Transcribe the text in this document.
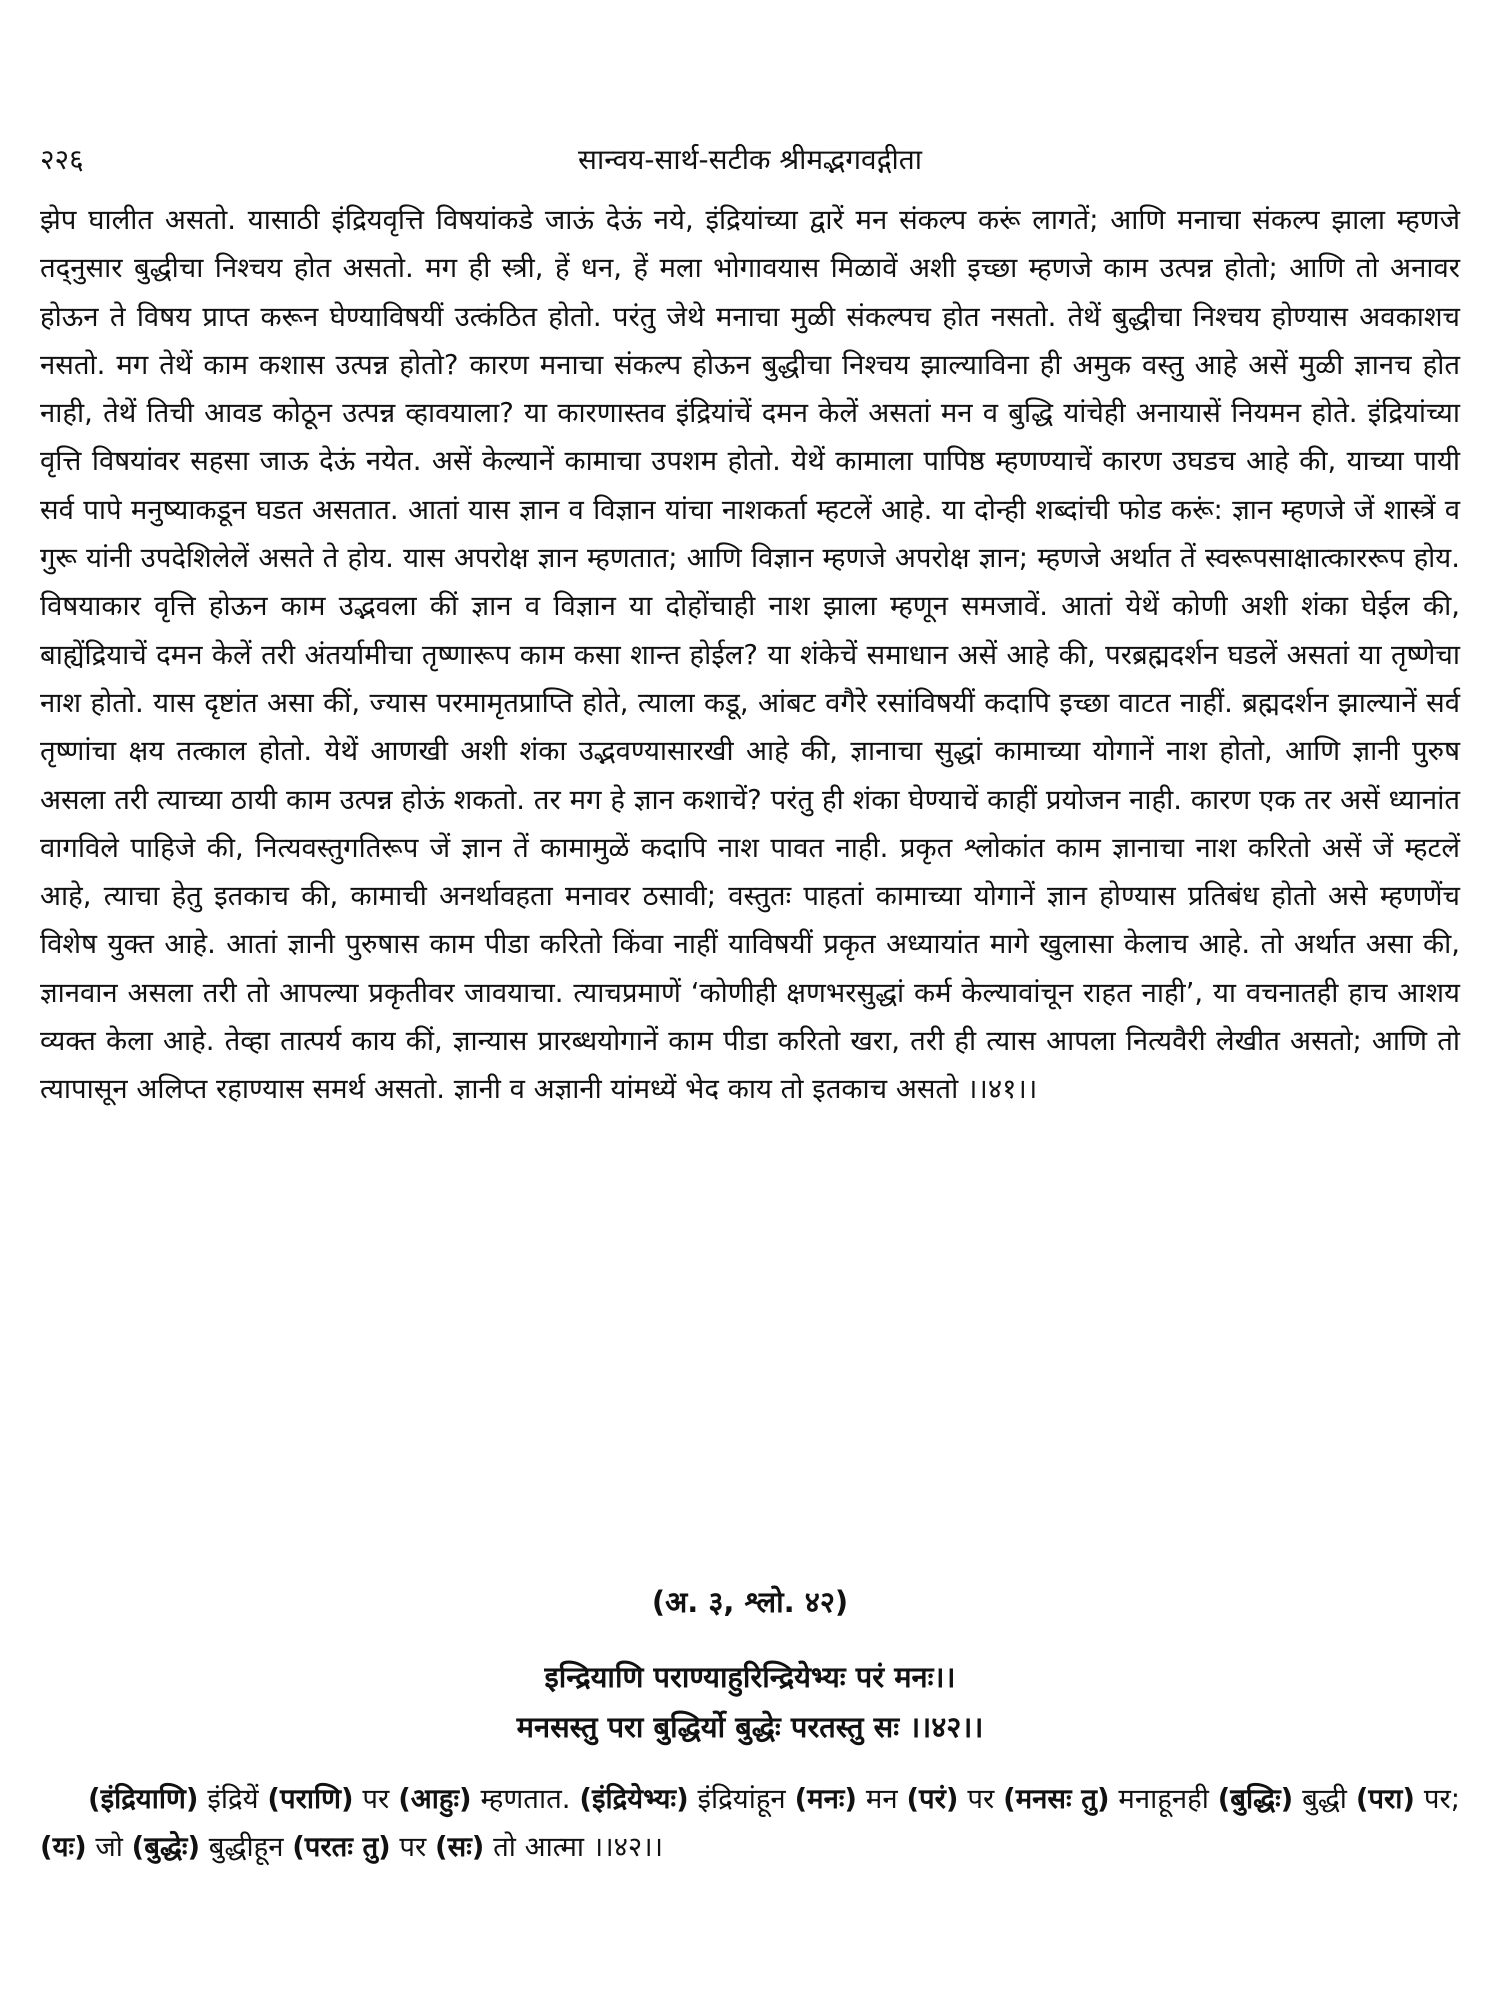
२२६	सान्वय-सार्थ-सटीक श्रीमद्भगवद्गीता

झेप घालीत असतो. यासाठी इंद्रियवृत्ति विषयांकडे जाऊं देऊं नये, इंद्रियांच्या द्वारें मन संकल्प करूं लागतें; आणि मनाचा संकल्प झाला म्हणजे तद्नुसार बुद्धीचा निश्चय होत असतो. मग ही स्त्री, हें धन, हें मला भोगावयास मिळावें अशी इच्छा म्हणजे काम उत्पन्न होतो; आणि तो अनावर होऊन ते विषय प्राप्त करून घेण्याविषयीं उत्कंठित होतो. परंतु जेथे मनाचा मुळी संकल्पच होत नसतो. तेथें बुद्धीचा निश्चय होण्यास अवकाशच नसतो. मग तेथें काम कशास उत्पन्न होतो? कारण मनाचा संकल्प होऊन बुद्धीचा निश्चय झाल्याविना ही अमुक वस्तु आहे असें मुळी ज्ञानच होत नाही, तेथें तिची आवड कोठून उत्पन्न व्हावयाला? या कारणास्तव इंद्रियांचें दमन केलें असतां मन व बुद्धि यांचेही अनायासें नियमन होते. इंद्रियांच्या वृत्ति विषयांवर सहसा जाऊ देऊं नयेत. असें केल्यानें कामाचा उपशम होतो. येथें कामाला पापिष्ठ म्हणण्याचें कारण उघडच आहे की, याच्या पायी सर्व पापे मनुष्याकडून घडत असतात. आतां यास ज्ञान व विज्ञान यांचा नाशकर्ता म्हटलें आहे. या दोन्ही शब्दांची फोड करूं: ज्ञान म्हणजे जें शास्त्रें व गुरू यांनी उपदेशिलेलें असते ते होय. यास अपरोक्ष ज्ञान म्हणतात; आणि विज्ञान म्हणजे अपरोक्ष ज्ञान; म्हणजे अर्थात तें स्वरूपसाक्षात्काररूप होय. विषयाकार वृत्ति होऊन काम उद्भवला कीं ज्ञान व विज्ञान या दोहोंचाही नाश झाला म्हणून समजावें. आतां येथें कोणी अशी शंका घेईल की, बाह्येंद्रियाचें दमन केलें तरी अंतर्यामीचा तृष्णारूप काम कसा शान्त होईल? या शंकेचें समाधान असें आहे की, परब्रह्मदर्शन घडलें असतां या तृष्णेचा नाश होतो. यास दृष्टांत असा कीं, ज्यास परमामृतप्राप्ति होते, त्याला कडू, आंबट वगैरे रसांविषयीं कदापि इच्छा वाटत नाहीं. ब्रह्मदर्शन झाल्यानें सर्व तृष्णांचा क्षय तत्काल होतो. येथें आणखी अशी शंका उद्भवण्यासारखी आहे की, ज्ञानाचा सुद्धां कामाच्या योगानें नाश होतो, आणि ज्ञानी पुरुष असला तरी त्याच्या ठायी काम उत्पन्न होऊं शकतो. तर मग हे ज्ञान कशाचें? परंतु ही शंका घेण्याचें काहीं प्रयोजन नाही. कारण एक तर असें ध्यानांत वागविले पाहिजे की, नित्यवस्तुगतिरूप जें ज्ञान तें कामामुळें कदापि नाश पावत नाही. प्रकृत श्लोकांत काम ज्ञानाचा नाश करितो असें जें म्हटलें आहे, त्याचा हेतु इतकाच की, कामाची अनर्थावहता मनावर ठसावी; वस्तुतः पाहतां कामाच्या योगानें ज्ञान होण्यास प्रतिबंध होतो असे म्हणणेंच विशेष युक्त आहे. आतां ज्ञानी पुरुषास काम पीडा करितो किंवा नाहीं याविषयीं प्रकृत अध्यायांत मागे खुलासा केलाच आहे. तो अर्थात असा की, ज्ञानवान असला तरी तो आपल्या प्रकृतीवर जावयाचा. त्याचप्रमाणें ‘कोणीही क्षणभरसुद्धां कर्म केल्यावांचून राहत नाही’, या वचनातही हाच आशय व्यक्त केला आहे. तेव्हा तात्पर्य काय कीं, ज्ञान्यास प्रारब्धयोगानें काम पीडा करितो खरा, तरी ही त्यास आपला नित्यवैरी लेखीत असतो; आणि तो त्यापासून अलिप्त रहाण्यास समर्थ असतो. ज्ञानी व अज्ञानी यांमध्यें भेद काय तो इतकाच असतो ।।४१।।

(अ. ३, श्लो. ४२)
इन्द्रियाणि पराण्याहुरिन्द्रियेभ्यः परं मनः।।
मनसस्तु परा बुद्धिर्यो बुद्धेः परतस्तु सः ।।४२।।

(इंद्रियाणि) इंद्रियें (पराणि) पर (आहुः) म्हणतात. (इंद्रियेभ्यः) इंद्रियांहून (मनः) मन (परं) पर (मनसः तु) मनाहूनही (बुद्धिः) बुद्धी (परा) पर; (यः) जो (बुद्धेः) बुद्धीहून (परतः तु) पर (सः) तो आत्मा ।।४२।।
